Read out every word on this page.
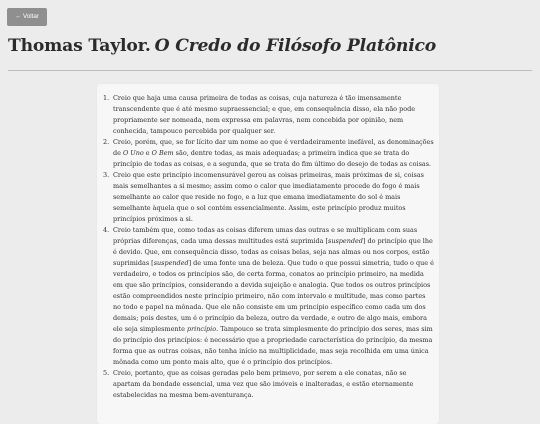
← Voltar
Thomas Taylor. O Credo do Filósofo Platônico
Creio que haja uma causa primeira de todas as coisas, cuja natureza é tão imensamente transcendente que é até mesmo supraessencial; e que, em consequência disso, ela não pode propriamente ser nomeada, nem expressa em palavras, nem concebida por opinião, nem conhecida, tampouco percebida por qualquer ser.
Creio, porém, que, se for lícito dar um nome ao que é verdadeiramente inefável, as denominações de O Uno e O Bem são, dentre todas, as mais adequadas; a primeira indica que se trata do princípio de todas as coisas, e a segunda, que se trata do fim último do desejo de todas as coisas.
Creio que este princípio incomensurável gerou as coisas primeiras, mais próximas de si, coisas mais semelhantes a si mesmo; assim como o calor que imediatamente procede do fogo é mais semelhante ao calor que reside no fogo, e a luz que emana imediatamente do sol é mais semelhante àquela que o sol contém essencialmente. Assim, este princípio produz muitos princípios próximos a si.
Creio também que, como todas as coisas diferem umas das outras e se multiplicam com suas próprias diferenças, cada uma dessas multitudes está suprimida [suspended] do princípio que lhe é devido. Que, em consequência disso, todas as coisas belas, seja nas almas ou nos corpos, estão suprimidas [suspended] de uma fonte una de beleza. Que tudo o que possui simetria, tudo o que é verdadeiro, e todos os princípios são, de certa forma, conatos ao princípio primeiro, na medida em que são princípios, considerando a devida sujeição e analogia. Que todos os outros princípios estão compreendidos neste princípio primeiro, não com intervalo e multitude, mas como partes no todo e papel na mônada. Que ele não consiste em um princípio específico como cada um dos demais; pois destes, um é o princípio da beleza, outro da verdade, e outro de algo mais, embora ele seja simplesmente princípio. Tampouco se trata simplesmente do princípio dos seres, mas sim do princípio dos princípios: é necessário que a propriedade característica do princípio, da mesma forma que as outras coisas, não tenha início na multiplicidade, mas seja recolhida em uma única mônada como um ponto mais alto, que é o princípio dos princípios.
Creio, portanto, que as coisas geradas pelo bem primevo, por serem a ele conatas, não se apartam da bondade essencial, uma vez que são imóveis e inalteradas, e estão eternamente estabelecidas na mesma bem-aventurança.
